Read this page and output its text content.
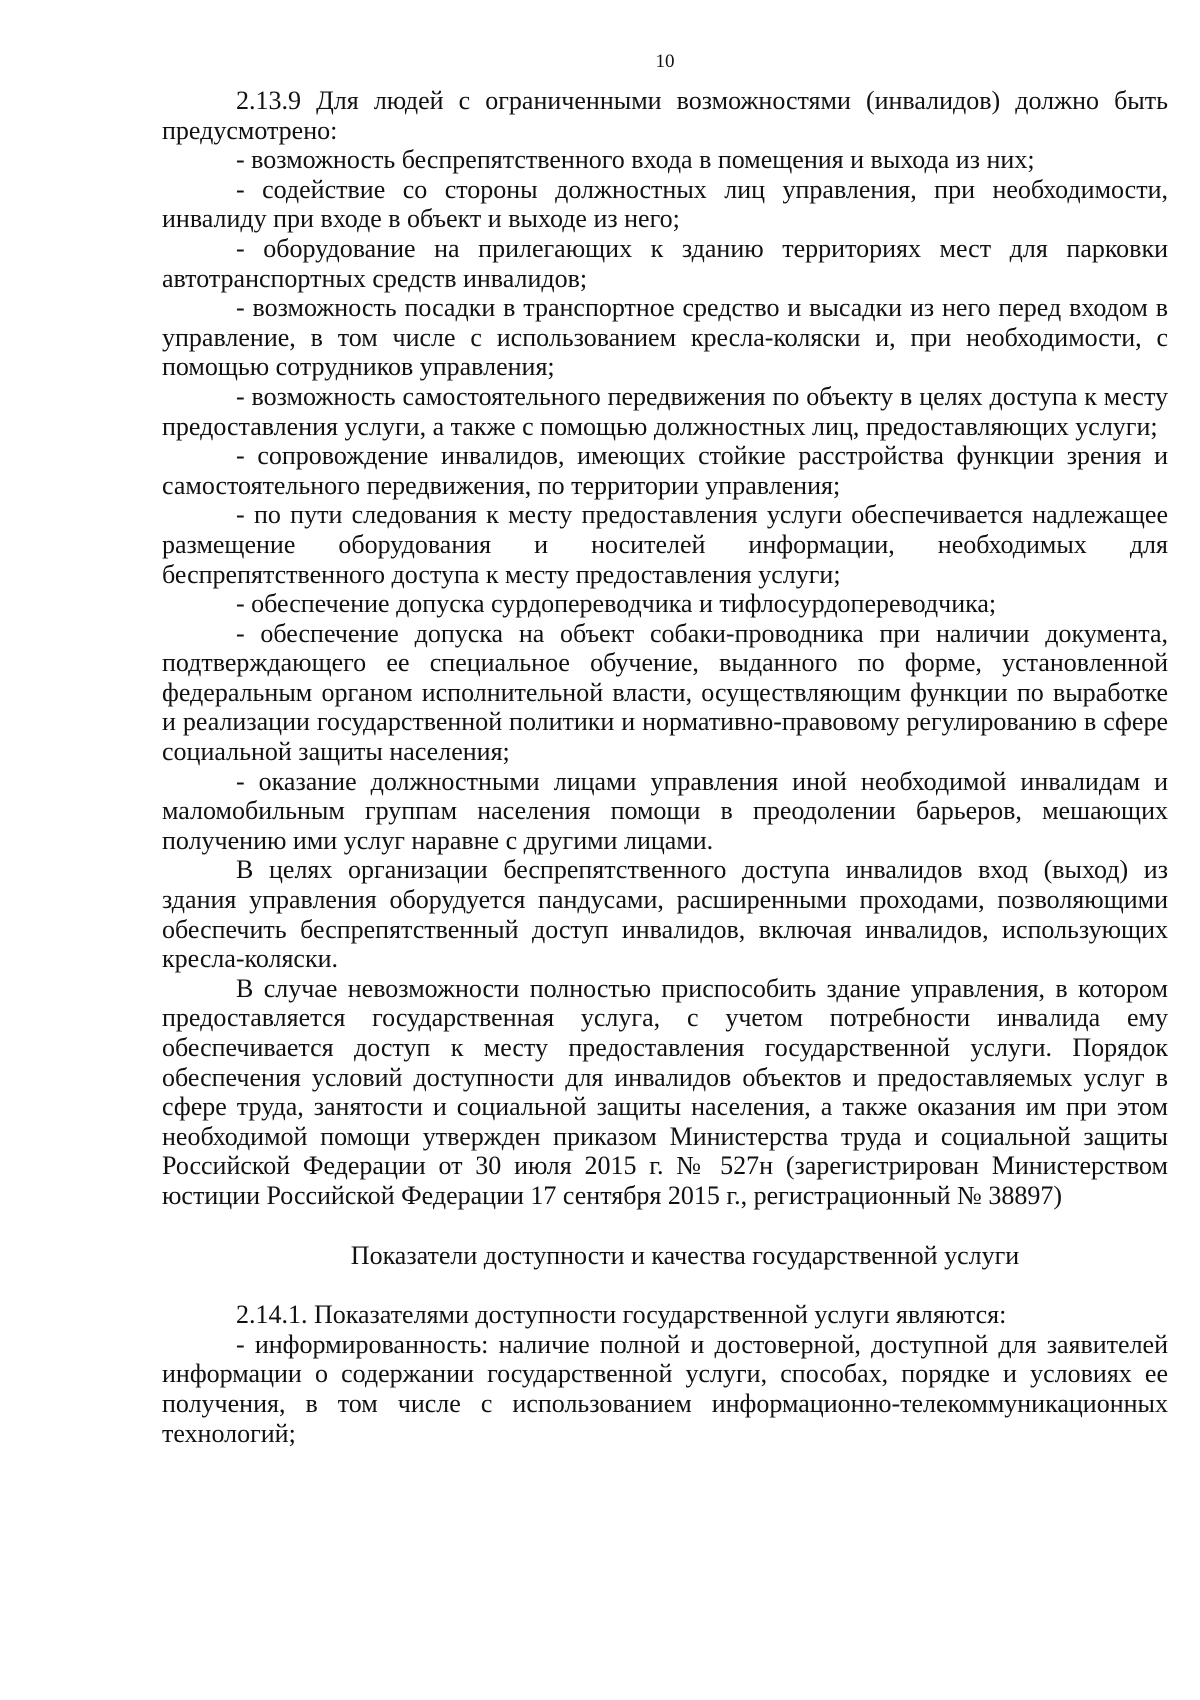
10

2.13.9 Для людей с ограниченными возможностями (инвалидов) должно быть предусмотрено:

- возможность беспрепятственного входа в помещения и выхода из них;

- содействие со стороны должностных лиц управления, при необходимости, инвалиду при входе в объект и выходе из него;

- оборудование на прилегающих к зданию территориях мест для парковки автотранспортных средств инвалидов;

- возможность посадки в транспортное средство и высадки из него перед входом в управление, в том числе с использованием кресла-коляски и, при необходимости, с помощью сотрудников управления;

- возможность самостоятельного передвижения по объекту в целях доступа к месту предоставления услуги, а также с помощью должностных лиц, предоставляющих услуги;

- сопровождение инвалидов, имеющих стойкие расстройства функции зрения и самостоятельного передвижения, по территории управления;

- по пути следования к месту предоставления услуги обеспечивается надлежащее размещение оборудования и носителей информации, необходимых для беспрепятственного доступа к месту предоставления услуги;

- обеспечение допуска сурдопереводчика и тифлосурдопереводчика;

- обеспечение допуска на объект собаки-проводника при наличии документа, подтверждающего ее специальное обучение, выданного по форме, установленной федеральным органом исполнительной власти, осуществляющим функции по выработке и реализации государственной политики и нормативно-правовому регулированию в сфере социальной защиты населения;

- оказание должностными лицами управления иной необходимой инвалидам и маломобильным группам населения помощи в преодолении барьеров, мешающих получению ими услуг наравне с другими лицами.

В целях организации беспрепятственного доступа инвалидов вход (выход) из здания управления оборудуется пандусами, расширенными проходами, позволяющими обеспечить беспрепятственный доступ инвалидов, включая инвалидов, использующих кресла-коляски.

В случае невозможности полностью приспособить здание управления, в котором предоставляется государственная услуга, с учетом потребности инвалида ему обеспечивается доступ к месту предоставления государственной услуги. Порядок обеспечения условий доступности для инвалидов объектов и предоставляемых услуг в сфере труда, занятости и социальной защиты населения, а также оказания им при этом необходимой помощи утвержден приказом Министерства труда и социальной защиты Российской Федерации от 30 июля 2015 г. № 527н (зарегистрирован Министерством юстиции Российской Федерации 17 сентября 2015 г., регистрационный № 38897)

Показатели доступности и качества государственной услуги

2.14.1. Показателями доступности государственной услуги являются:

- информированность: наличие полной и достоверной, доступной для заявителей информации о содержании государственной услуги, способах, порядке и условиях ее получения, в том числе с использованием информационно-телекоммуникационных технологий;
